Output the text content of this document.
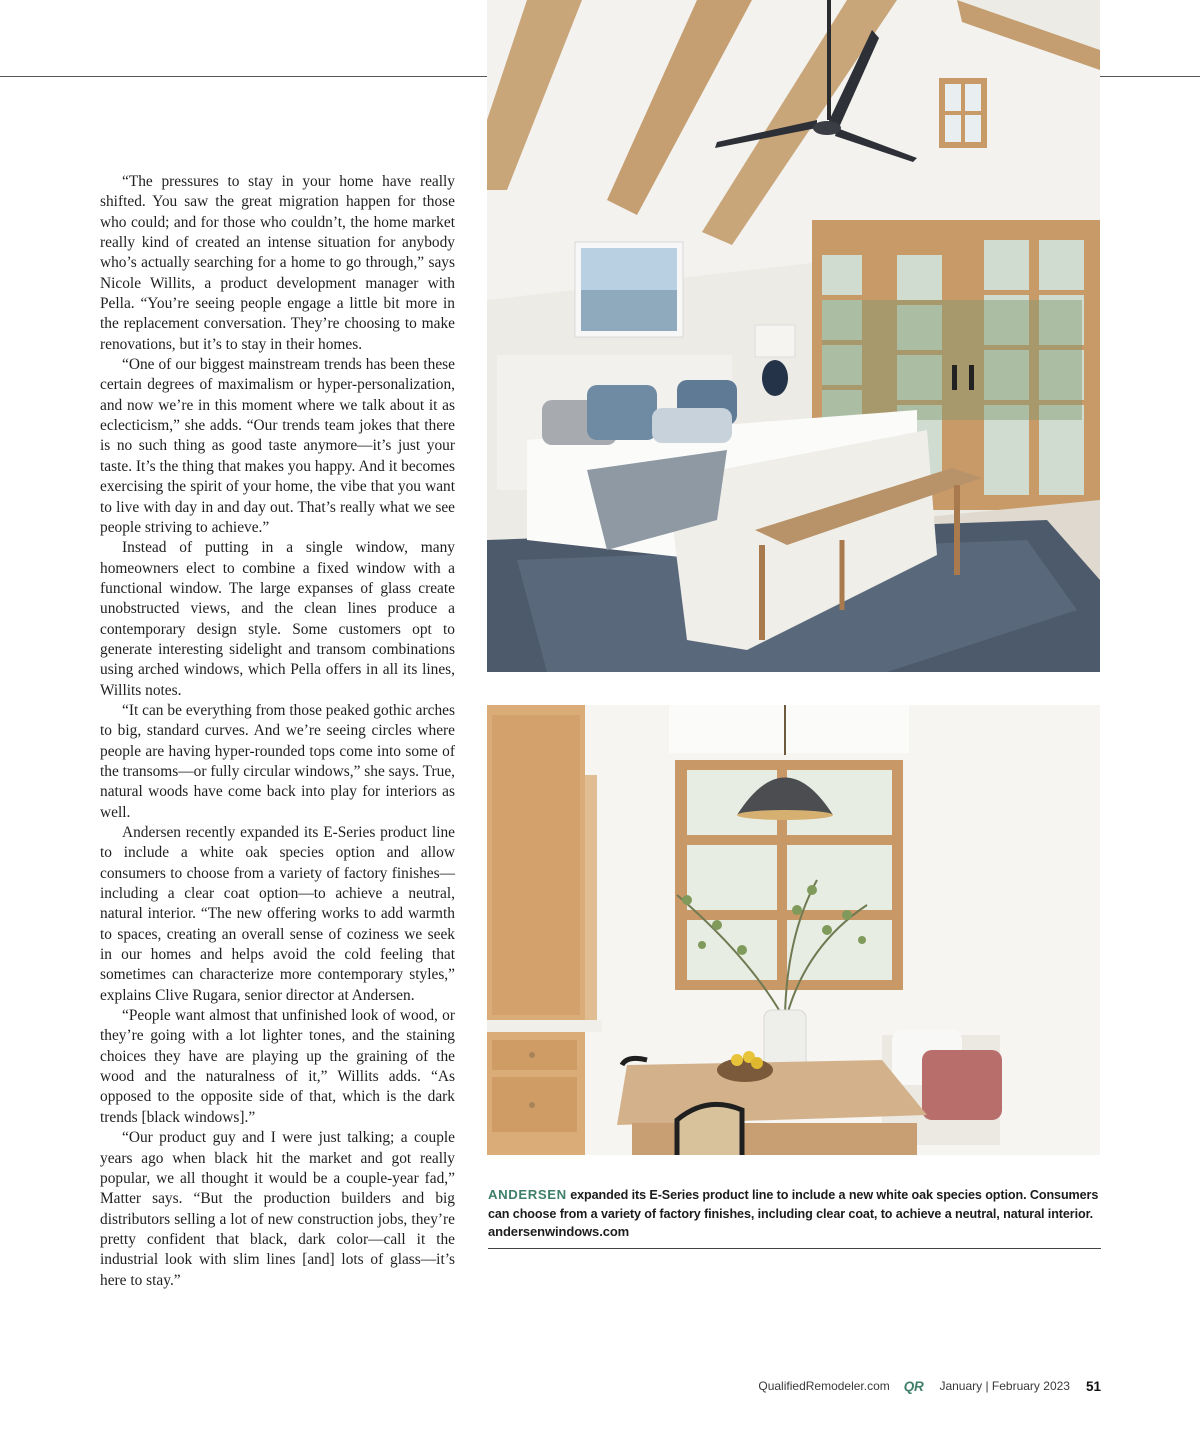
“The pressures to stay in your home have really shifted. You saw the great migration happen for those who could; and for those who couldn’t, the home market really kind of created an intense situation for anybody who’s actually searching for a home to go through,” says Nicole Willits, a product development manager with Pella. “You’re seeing people engage a little bit more in the replacement conversation. They’re choosing to make renovations, but it’s to stay in their homes.

“One of our biggest mainstream trends has been these certain degrees of maximalism or hyper-personalization, and now we’re in this moment where we talk about it as eclecticism,” she adds. “Our trends team jokes that there is no such thing as good taste anymore—it’s just your taste. It’s the thing that makes you happy. And it becomes exercising the spirit of your home, the vibe that you want to live with day in and day out. That’s really what we see people striving to achieve.”

Instead of putting in a single window, many homeowners elect to combine a fixed window with a functional window. The large expanses of glass create unobstructed views, and the clean lines produce a contemporary design style. Some customers opt to generate interesting sidelight and transom combinations using arched windows, which Pella offers in all its lines, Willits notes.

“It can be everything from those peaked gothic arches to big, standard curves. And we’re seeing circles where people are having hyper-rounded tops come into some of the transoms—or fully circular windows,” she says. True, natural woods have come back into play for interiors as well.

Andersen recently expanded its E-Series product line to include a white oak species option and allow consumers to choose from a variety of factory finishes—including a clear coat option—to achieve a neutral, natural interior. “The new offering works to add warmth to spaces, creating an overall sense of coziness we seek in our homes and helps avoid the cold feeling that sometimes can characterize more contemporary styles,” explains Clive Rugara, senior director at Andersen.

“People want almost that unfinished look of wood, or they’re going with a lot lighter tones, and the staining choices they have are playing up the graining of the wood and the naturalness of it,” Willits adds. “As opposed to the opposite side of that, which is the dark trends [black windows].”

“Our product guy and I were just talking; a couple years ago when black hit the market and got really popular, we all thought it would be a couple-year fad,” Matter says. “But the production builders and big distributors selling a lot of new construction jobs, they’re pretty confident that black, dark color—call it the industrial look with slim lines [and] lots of glass—it’s here to stay.”

ANDERSEN expanded its E-Series product line to include a new white oak species option. Consumers can choose from a variety of factory finishes, including clear coat, to achieve a neutral, natural interior.
andersenwindows.com
QualifiedRemodeler.com QR January | February 2023 51
